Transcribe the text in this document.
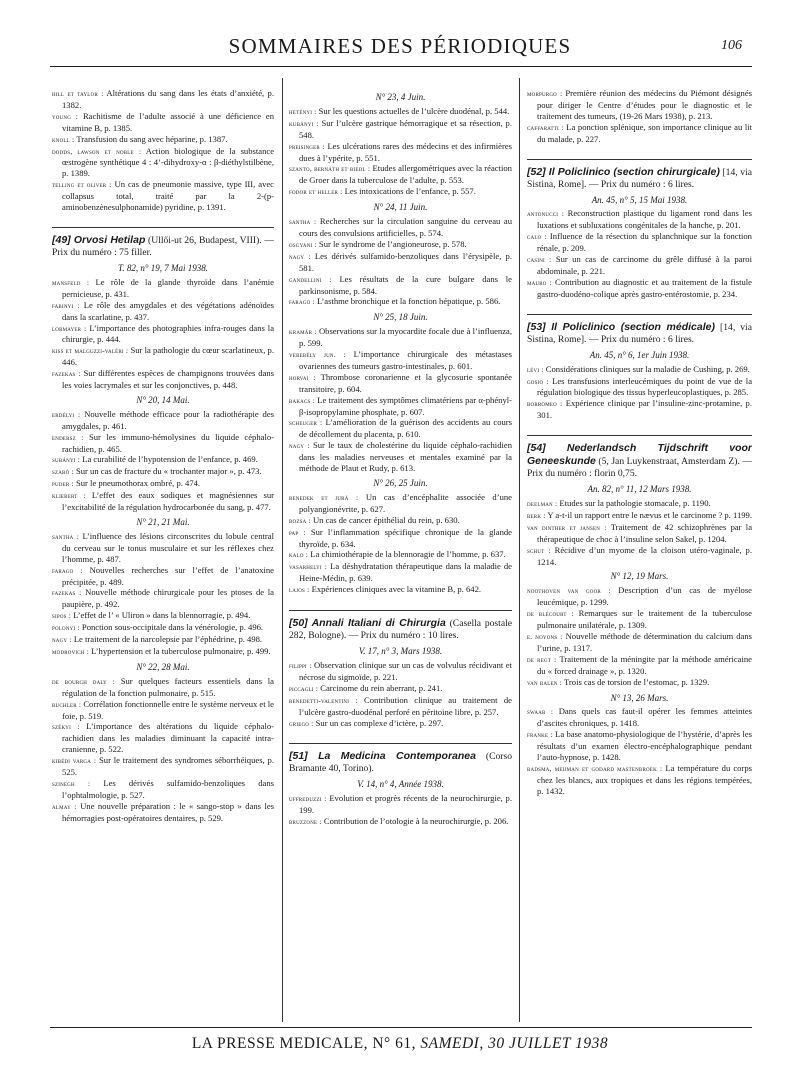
SOMMAIRES DES PÉRIODIQUES	106

hill et taylor : Altérations du sang dans les états d’anxiété, p. 1382.

young : Rachitisme de l’adulte associé à une déficience en vitamine B, p. 1385.

knoll : Transfusion du sang avec héparine, p. 1387.

dodds, lawson et noble : Action biologique de la substance œstrogène synthétique 4 : 4’-dihydroxy-α : β-diéthylstilbène, p. 1389.

telling et oliver : Un cas de pneumonie massive, type III, avec collapsus total, traité par la 2-(p-aminobenzènesulphonamide) pyridine, p. 1391.

[49] Orvosi Hetilap (Ullői-ut 26, Budapest, VIII). — Prix du numéro : 75 filler.
T. 82, n° 19, 7 Mai 1938.

mansfeld : Le rôle de la glande thyroïde dans l’anémie pernicieuse, p. 431.

fabinyi : Le rôle des amygdales et des végétations adénoïdes dans la scarlatine, p. 437.

lobmayer : L’importance des photographies infra-rouges dans la chirurgie, p. 444.

kiss et malguzzi-valéri : Sur la pathologie du cœur scarlatineux, p. 446.

fazekas : Sur différentes espèces de champignons trouvées dans les voies lacrymales et sur les conjonctives, p. 448.

N° 20, 14 Mai.

erdélyi : Nouvelle méthode efficace pour la radiothérapie des amygdales, p. 461.

endersz : Sur les immuno-hémolysines du liquide céphalo-rachidien, p. 465.

subányi : La curabilité de l’hypotension de l’enfance, p. 469.

szabó : Sur un cas de fracture du « trochanter major », p. 473.

puder : Sur le pneumothorax ombré, p. 474.

kliebert : L’effet des eaux sodiques et magnésiennes sur l’excitabilité de la régulation hydrocarbonée du sang, p. 477.

N° 21, 21 Mai.

santha : L’influence des lésions circonscrites du lobule central du cerveau sur le tonus musculaire et sur les réflexes chez l’homme, p. 487.

farago : Nouvelles recherches sur l’effet de l’anatoxine précipitée, p. 489.

fazekas : Nouvelle méthode chirurgicale pour les ptoses de la paupière, p. 492.

sipos : L’effet de l’ « Uliron » dans la blennorragie, p. 494.

polonyi : Ponction sous-occipitale dans la vénérologie, p. 496.

nagy : Le traitement de la narcolepsie par l’éphédrine, p. 498.

modrovich : L’hypertension et la tuberculose pulmonaire, p. 499.

N° 22, 28 Mai.

de bourgh daly : Sur quelques facteurs essentiels dans la régulation de la fonction pulmonaire, p. 515.

buchler : Corrélation fonctionnelle entre le système nerveux et le foie, p. 519.

székyi : L’importance des altérations du liquide céphalo-rachidien dans les maladies diminuant la capacité intra-cranienne, p. 522.

kibédi varga : Sur le traitement des syndromes séborrhéiques, p. 525.

szinegh : Les dérivés sulfamido-benzoliques dans l’ophtalmologie, p. 527.

almay : Une nouvelle préparation : le « sango-stop » dans les hémorragies post-opératoires dentaires, p. 529.

N° 23, 4 Juin.

hetényi : Sur les questions actuelles de l’ulcère duodénal, p. 544.

kubányi : Sur l’ulcère gastrique hémorragique et sa résection, p. 548.

preisinger : Les ulcérations rares des médecins et des infirmières dues à l’ypérite, p. 551.

szanto, bernáth et biedl : Etudes allergométriques avec la réaction de Groer dans la tuberculose de l’adulte, p. 553.

fodor et heller : Les intoxications de l’enfance, p. 557.

N° 24, 11 Juin.

santha : Recherches sur la circulation sanguine du cerveau au cours des convulsions artificielles, p. 574.

osgyani : Sur le syndrome de l’angioneurose, p. 578.

nagy : Les dérivés sulfamido-benzoliques dans l’érysipèle, p. 581.

gandellini : Les résultats de la cure bulgare dans le parkinsonisme, p. 584.

farago : L’asthme bronchique et la fonction hépatique, p. 586.

N° 25, 18 Juin.

kramár : Observations sur la myocardite focale due à l’influenza, p. 599.

verebély jun. : L’importance chirurgicale des métastases ovariennes des tumeurs gastro-intestinales, p. 601.

horvai : Thrombose coronarienne et la glycosurie spontanée transitoire, p. 604.

bakacs : Le traitement des symptômes climatériens par α-phényl-β-isopropylamine phosphate, p. 607.

scheuger : L’amélioration de la guérison des accidents au cours de décollement du placenta, p. 610.

nagy : Sur le taux de cholestérine du liquide céphalo-rachidien dans les maladies nerveuses et mentales examiné par la méthode de Plaut et Rudy, p. 613.

N° 26, 25 Juin.

benedek et jurá : Un cas d’encéphalite associée d’une polyangionévrite, p. 627.

bozsa : Un cas de cancer épithélial du rein, p. 630.

pap : Sur l’inflammation spécifique chronique de la glande thyroïde, p. 634.

kalo : La chimiothérapie de la blennoragie de l’homme, p. 637.

vasarhelyi : La déshydratation thérapeutique dans la maladie de Heine-Médin, p. 639.

lajos : Expériences cliniques avec la vitamine B, p. 642.

[50] Annali Italiani di Chirurgia (Casella postale 282, Bologne). — Prix du numéro : 10 lires.
V. 17, n° 3, Mars 1938.

filippi : Observation clinique sur un cas de volvulus récidivant et nécrose du sigmoïde, p. 221.

piccagli : Carcinome du rein aberrant, p. 241.

benedetti-valentini : Contribution clinique au traitement de l’ulcère gastro-duodénal perforé en péritoine libre, p. 257.

griego : Sur un cas complexe d’ictère, p. 297.

[51] La Medicina Contemporanea (Corso Bramante 40, Torino).
V. 14, n° 4, Année 1938.

uffreduzzi : Evolution et progrès récents de la neurochirurgie, p. 199.

bruzzone : Contribution de l’otologie à la neurochirurgie, p. 206.

morpurgo : Première réunion des médecins du Piémont désignés pour diriger le Centre d’études pour le diagnostic et le traitement des tumeurs, (19-26 Mars 1938), p. 213.

caffaratti : La ponction splénique, son importance clinique au lit du malade, p. 227.

[52] Il Policlinico (section chirurgicale) [14, via Sistina, Rome]. — Prix du numéro : 6 lires.
An. 45, n° 5, 15 Mai 1938.

antonucci : Reconstruction plastique du ligament rond dans les luxations et subluxations congénitales de la hanche, p. 201.

calo : Influence de la résection du splanchnique sur la fonction rénale, p. 209.

casini : Sur un cas de carcinome du grêle diffusé à la paroi abdominale, p. 221.

mauro : Contribution au diagnostic et au traitement de la fistule gastro-duodéno-colique après gastro-entérostomie, p. 234.

[53] Il Policlinico (section médicale) [14, via Sistina, Rome]. — Prix du numéro : 6 lires.
An. 45, n° 6, 1er Juin 1938.

lévi : Considérations cliniques sur la maladie de Cushing, p. 269.

gosio : Les transfusions interleucémiques du point de vue de la régulation biologique des tissus hyperleucoplastiques, p. 285.

borromeo : Expérience clinique par l’insuline-zinc-protamine, p. 301.

[54] Nederlandsch Tijdschrift voor Geneeskunde (5, Jan Luykenstraat, Amsterdam Z). — Prix du numéro : florin 0,75.
An. 82, n° 11, 12 Mars 1938.

deelman : Etudes sur la pathologie stomacale, p. 1190.

berk : Y a-t-il un rapport entre le nævus et le carcinome ? p. 1199.

van dinther et jansen : Traitement de 42 schizophrènes par la thérapeutique de choc à l’insuline selon Sakel, p. 1204.

schut : Récidive d’un myome de la cloison utéro-vaginale, p. 1214.

N° 12, 19 Mars.

noothoven van goor : Description d’un cas de myélose leucémique, p. 1299.

de blécourt : Remarques sur le traitement de la tuberculose pulmonaire unilatérale, p. 1309.

e. noyons : Nouvelle méthode de détermination du calcium dans l’urine, p. 1317.

de regt : Traitement de la méningite par la méthode américaine du « forced drainage », p. 1320.

van balen : Trois cas de torsion de l’estomac, p. 1329.

N° 13, 26 Mars.

swaab : Dans quels cas faut-il opérer les femmes atteintes d’ascites chroniques, p. 1418.

franke : La base anatomo-physiologique de l’hystérie, d’après les résultats d’un examen électro-encéphalographique pendant l’auto-hypnose, p. 1428.

badsma, meijman et godard mastenbroek : La température du corps chez les blancs, aux tropiques et dans les régions tempérées, p. 1432.

LA PRESSE MEDICALE, N° 61, SAMEDI, 30 JUILLET 1938
